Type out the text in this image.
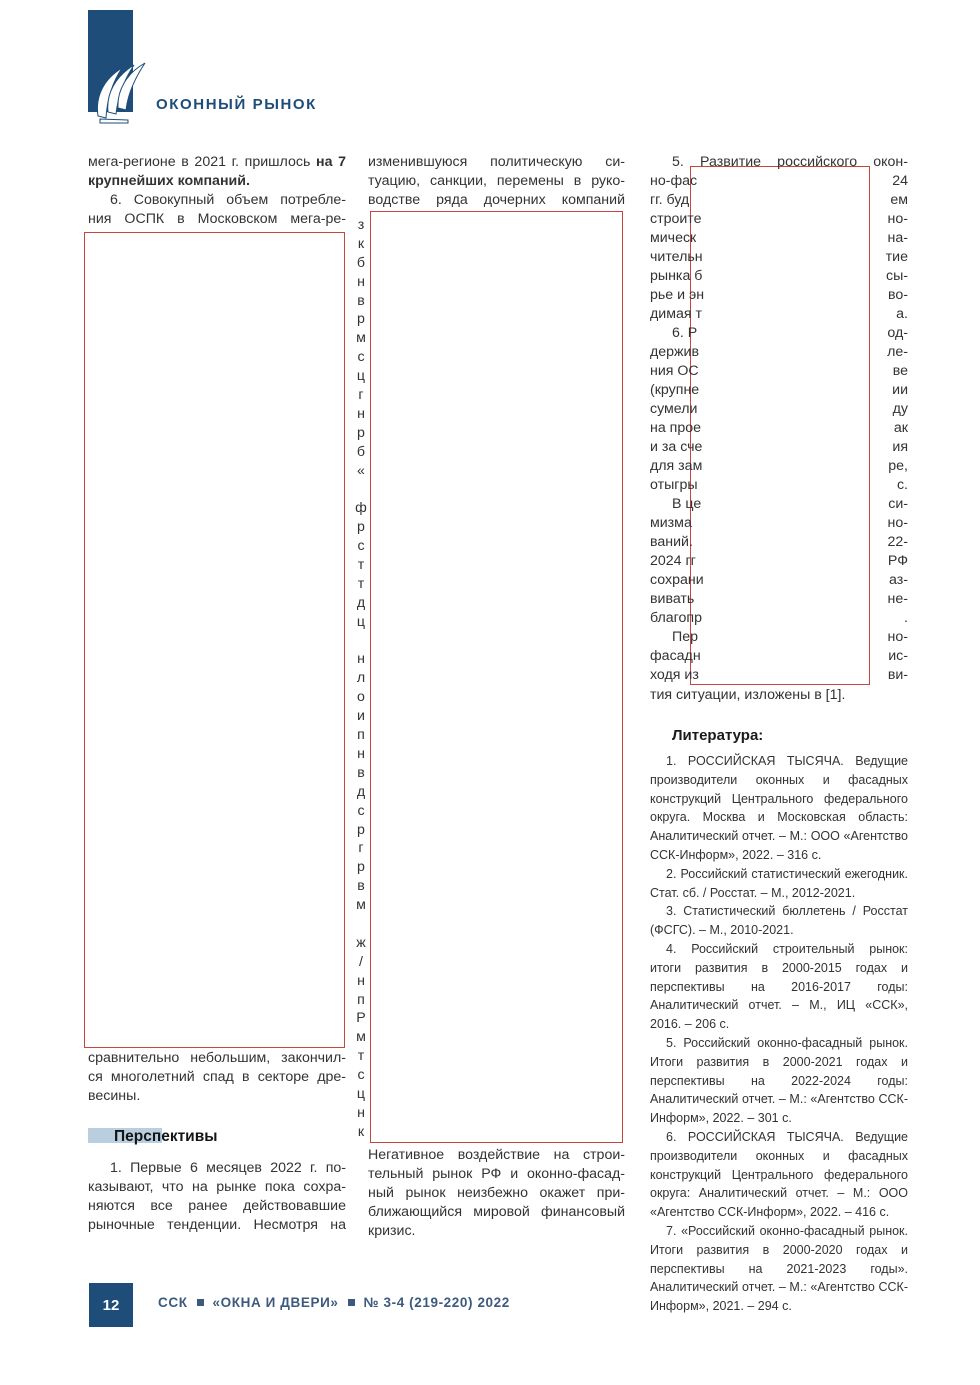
ОКОННЫЙ РЫНОК
мега-регионе в 2021 г. пришлось на 7
крупнейших компаний.
6. Совокупный объем потребле-
ния ОСПК в Московском мега-ре-
сравнительно небольшим, закончил-
ся многолетний спад в секторе дре-
весины.
Перспективы
1. Первые 6 месяцев 2022 г. по-
казывают, что на рынке пока сохра-
няются все ранее действовавшие
рыночные тенденции. Несмотря на
изменившуюся политическую си-
туацию, санкции, перемены в руко-
водстве ряда дочерних компаний
з
к
б
н
в
р
м
с
ц
г
н
р
б
«
ф
р
с
т
т
д
ц
н
л
о
и
п
н
в
д
с
р
г
р
в
м
ж
/
н
п
Р
м
т
с
ц
н
к
Негативное воздействие на строи-
тельный рынок РФ и оконно-фасад-
ный рынок неизбежно окажет при-
ближающийся мировой финансовый
кризис.
5. Развитие российского окон-
но-фас	24
гг. буд	ем
строите	но-
мическ	на-
чительн	тие
рынка б	сы-
рье и эн	во-
димая т	а.
6. Р	од-
держив	ле-
ния ОС	ве
(крупне	ии
сумели	ду
на прое	ак
и за сче	ия
для зам	ре,
отыгры	с.
В це	си-
мизма	но-
ваний.	22-
2024 гг	РФ
сохрани	аз-
вивать	не-
благопр	.
Пер	но-
фасадн	ис-
ходя из	ви-
тия ситуации, изложены в [1].
Литература:

1. РОССИЙСКАЯ ТЫСЯЧА. Ведущие производители оконных и фасадных конструкций Центрального федерального округа. Москва и Московская область: Аналитический отчет. – М.: ООО «Агентство ССК-Информ», 2022. – 316 с.

2. Российский статистический ежегодник. Стат. сб. / Росстат. – М., 2012-2021.

3. Статистический бюллетень / Росстат (ФСГС). – М., 2010-2021.

4. Российский строительный рынок: итоги развития в 2000-2015 годах и перспективы на 2016-2017 годы: Аналитический отчет. – М., ИЦ «ССК», 2016. – 206 с.

5. Российский оконно-фасадный рынок. Итоги развития в 2000-2021 годах и перспективы на 2022-2024 годы: Аналитический отчет. – М.: «Агентство ССК-Информ», 2022. – 301 с.

6. РОССИЙСКАЯ ТЫСЯЧА. Ведущие производители оконных и фасадных конструкций Центрального федерального округа: Аналитический отчет. – М.: ООО «Агентство ССК-Информ», 2022. – 416 с.

7. «Российский оконно-фасадный рынок. Итоги развития в 2000-2020 годах и перспективы на 2021-2023 годы». Аналитический отчет. – М.: «Агентство ССК-Информ», 2021. – 294 с.

12	ССК «ОКНА И ДВЕРИ» № 3-4 (219-220) 2022
